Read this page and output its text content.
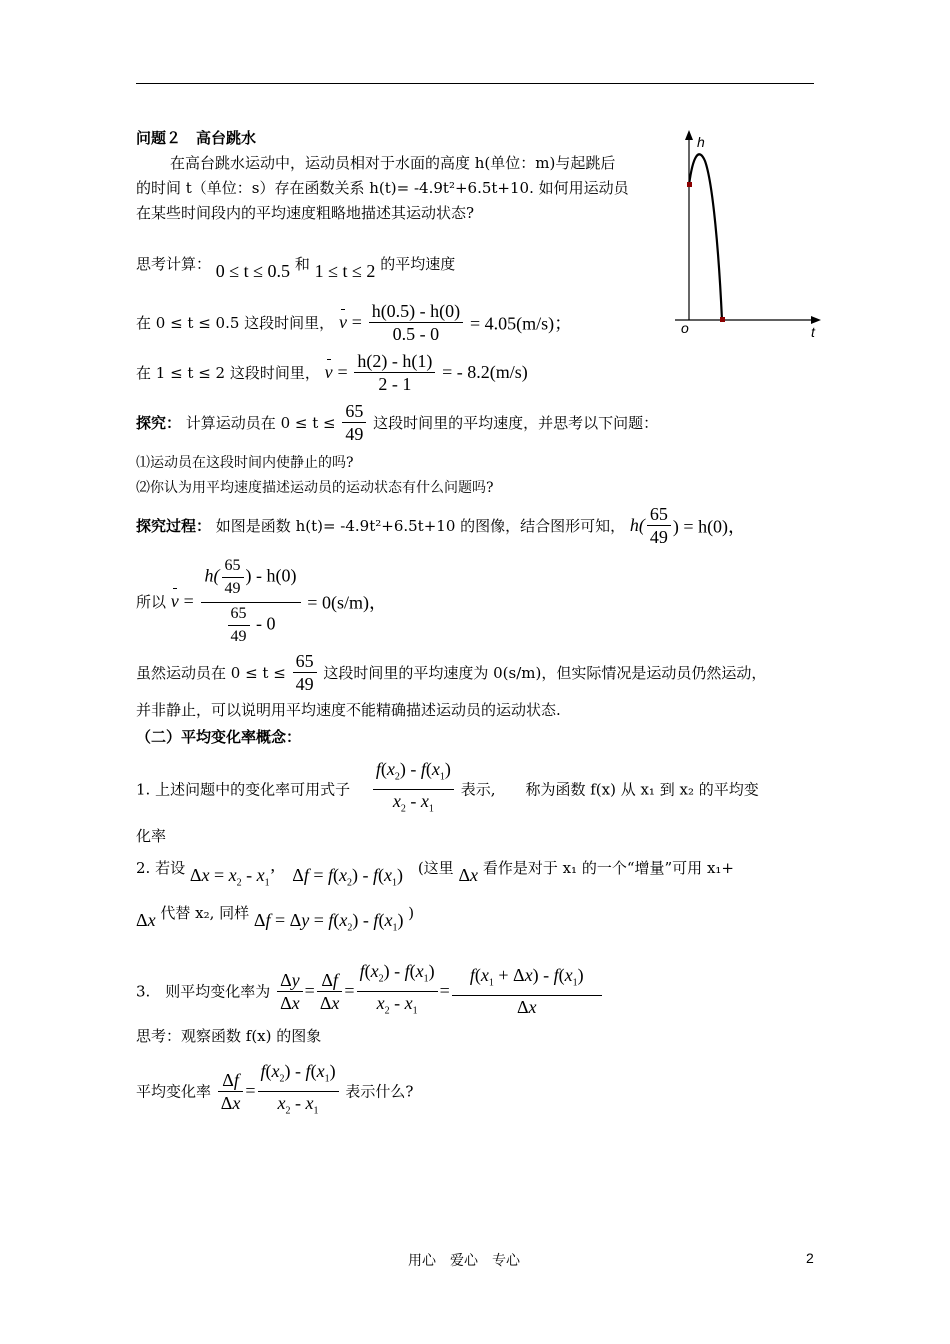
问题２　高台跳水
在高台跳水运动中，运动员相对于水面的高度 h(单位：m)与起跳后
的时间 t（单位：s）存在函数关系 h(t)= -4.9t²+6.5t+10. 如何用运动员
在某些时间段内的平均速度粗略地描述其运动状态?
思考计算： 0 ≤ t ≤ 0.5 和 1 ≤ t ≤ 2 的平均速度
在 0 ≤ t ≤ 0.5 这段时间里， $v = \frac{h(0.5) - h(0)}{0.5 - 0} = 4.05(m/s)$；
在 1 ≤ t ≤ 2 这段时间里， $v = \frac{h(2) - h(1)}{2 - 1}$ = - 8.2(m/s)
探究： 计算运动员在 $0 \le t \le \frac{65}{49}$ 这段时间里的平均速度，并思考以下问题：
⑴运动员在这段时间内使静止的吗?
⑵你认为用平均速度描述运动员的运动状态有什么问题吗?
探究过程： 如图是函数 h(t)= -4.9t²+6.5t+10 的图像，结合图形可知， $h( \frac{65}{49}$ ) = h(0)，
所以 $v = \frac{h( \frac{65}{49} ) - h(0)}{\frac{65}{49} - 0} = 0(s/m)$，
虽然运动员在 $0 \le t \le \frac{65}{49}$ 这段时间里的平均速度为 0(s/m)，但实际情况是运动员仍然运动，
并非静止，可以说明用平均速度不能精确描述运动员的运动状态.
（二）平均变化率概念：
1. 上述问题中的变化率可用式子 $\frac{f(x_2) - f(x_1)}{x_2 - x_1}$ 表示,　　称为函数 f(x) 从 x₁ 到 x₂ 的平均变
化率
2. 若设 $\Delta x = x_2 - x_1$’　$\Delta f = f(x_2) - f(x_1)$ (这里 Δx 看作是对于 x₁ 的一个“增量”可用 x₁+
Δx 代替 x₂, 同样 $\Delta f = \Delta y = f(x_2) - f(x_1)$ )
3.　则平均变化率为 $\frac{\Delta y}{\Delta x} = \frac{\Delta f}{\Delta x} = \frac{f(x_2) - f(x_1)}{x_2 - x_1} = \frac{f(x_1 + \Delta x) - f(x_1)}{\Delta x}$
思考：观察函数 f(x) 的图象
平均变化率 $\frac{\Delta f}{\Delta x} = \frac{f(x_2) - f(x_1)}{x_2 - x_1}$ 表示什么?
h
t
o
用心　爱心　专心	2
